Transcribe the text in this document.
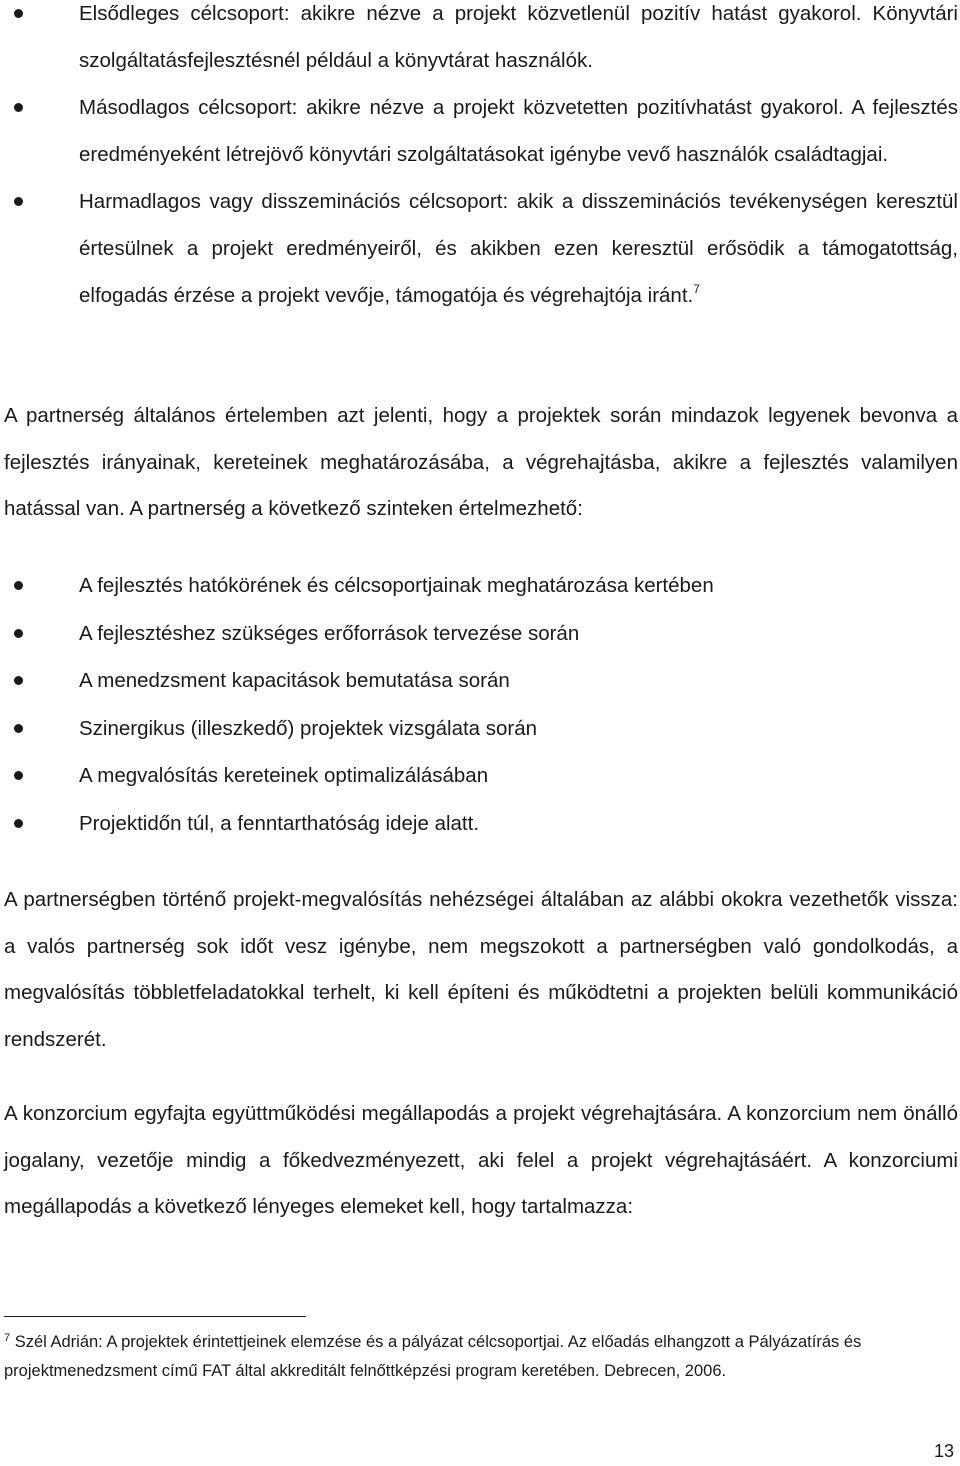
Elsődleges célcsoport: akikre nézve a projekt közvetlenül pozitív hatást gyakorol. Könyvtári szolgáltatásfejlesztésnél például a könyvtárat használók.
Másodlagos célcsoport: akikre nézve a projekt közvetetten pozitívhatást gyakorol. A fejlesztés eredményeként létrejövő könyvtári szolgáltatásokat igénybe vevő használók családtagjai.
Harmadlagos vagy disszeminációs célcsoport: akik a disszeminációs tevékenységen keresztül értesülnek a projekt eredményeiről, és akikben ezen keresztül erősödik a támogatottság, elfogadás érzése a projekt vevője, támogatója és végrehajtója iránt.$^7$

A partnerség általános értelemben azt jelenti, hogy a projektek során mindazok legyenek bevonva a fejlesztés irányainak, kereteinek meghatározásába, a végrehajtásba, akikre a fejlesztés valamilyen hatással van. A partnerség a következő szinteken értelmezhető:

A fejlesztés hatókörének és célcsoportjainak meghatározása kertében
A fejlesztéshez szükséges erőforrások tervezése során
A menedzsment kapacitások bemutatása során
Szinergikus (illeszkedő) projektek vizsgálata során
A megvalósítás kereteinek optimalizálásában
Projektidőn túl, a fenntarthatóság ideje alatt.

A partnerségben történő projekt-megvalósítás nehézségei általában az alábbi okokra vezethetők vissza: a valós partnerség sok időt vesz igénybe, nem megszokott a partnerségben való gondolkodás, a megvalósítás többletfeladatokkal terhelt, ki kell építeni és működtetni a projekten belüli kommunikáció rendszerét.

A konzorcium egyfajta együttműködési megállapodás a projekt végrehajtására. A konzorcium nem önálló jogalany, vezetője mindig a főkedvezményezett, aki felel a projekt végrehajtásáért. A konzorciumi megállapodás a következő lényeges elemeket kell, hogy tartalmazza:

$^7$ Szél Adrián: A projektek érintettjeinek elemzése és a pályázat célcsoportjai. Az előadás elhangzott a Pályázatírás és projektmenedzsment című FAT által akkreditált felnőttképzési program keretében. Debrecen, 2006.

13
